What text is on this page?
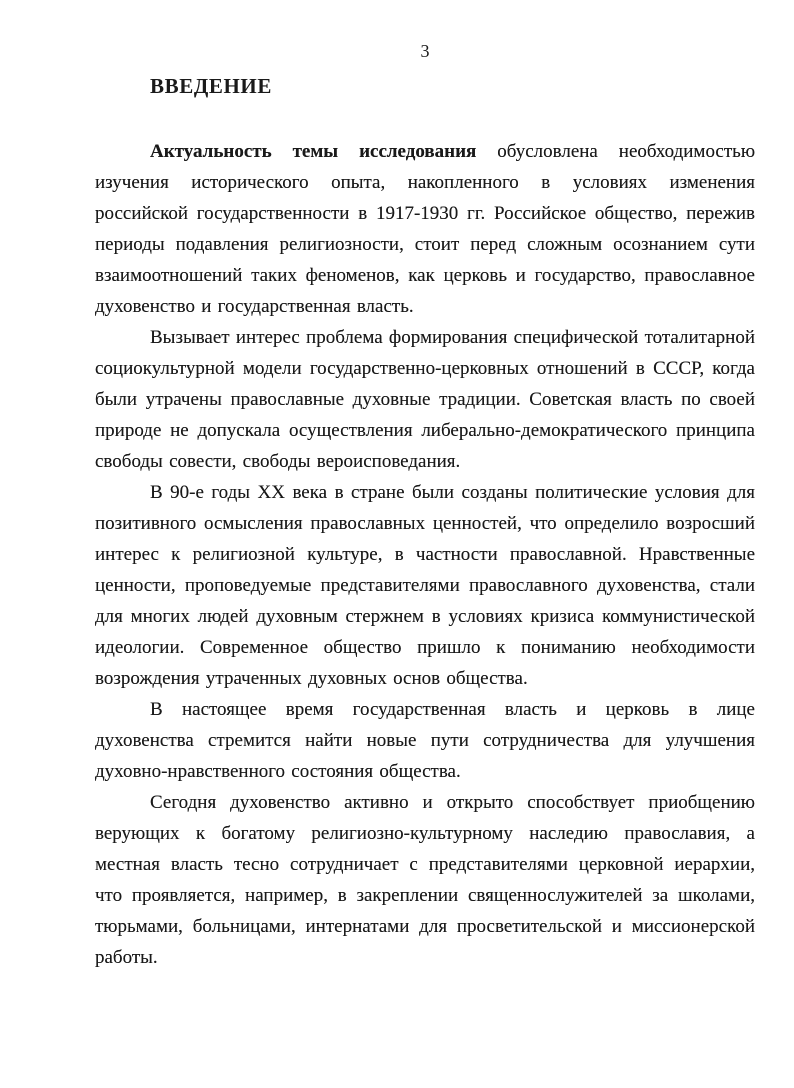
3
ВВЕДЕНИЕ

Актуальность темы исследования обусловлена необходимостью изучения исторического опыта, накопленного в условиях изменения российской государственности в 1917-1930 гг. Российское общество, пережив периоды подавления религиозности, стоит перед сложным осознанием сути взаимоотношений таких феноменов, как церковь и государство, православное духовенство и государственная власть.

Вызывает интерес проблема формирования специфической тоталитарной социокультурной модели государственно-церковных отношений в СССР, когда были утрачены православные духовные традиции. Советская власть по своей природе не допускала осуществления либерально-демократического принципа свободы совести, свободы вероисповедания.

В 90-е годы XX века в стране были созданы политические условия для позитивного осмысления православных ценностей, что определило возросший интерес к религиозной культуре, в частности православной. Нравственные ценности, проповедуемые представителями православного духовенства, стали для многих людей духовным стержнем в условиях кризиса коммунистической идеологии. Современное общество пришло к пониманию необходимости возрождения утраченных духовных основ общества.

В настоящее время государственная власть и церковь в лице духовенства стремится найти новые пути сотрудничества для улучшения духовно-нравственного состояния общества.

Сегодня духовенство активно и открыто способствует приобщению верующих к богатому религиозно-культурному наследию православия, а местная власть тесно сотрудничает с представителями церковной иерархии, что проявляется, например, в закреплении священнослужителей за школами, тюрьмами, больницами, интернатами для просветительской и миссионерской работы.
